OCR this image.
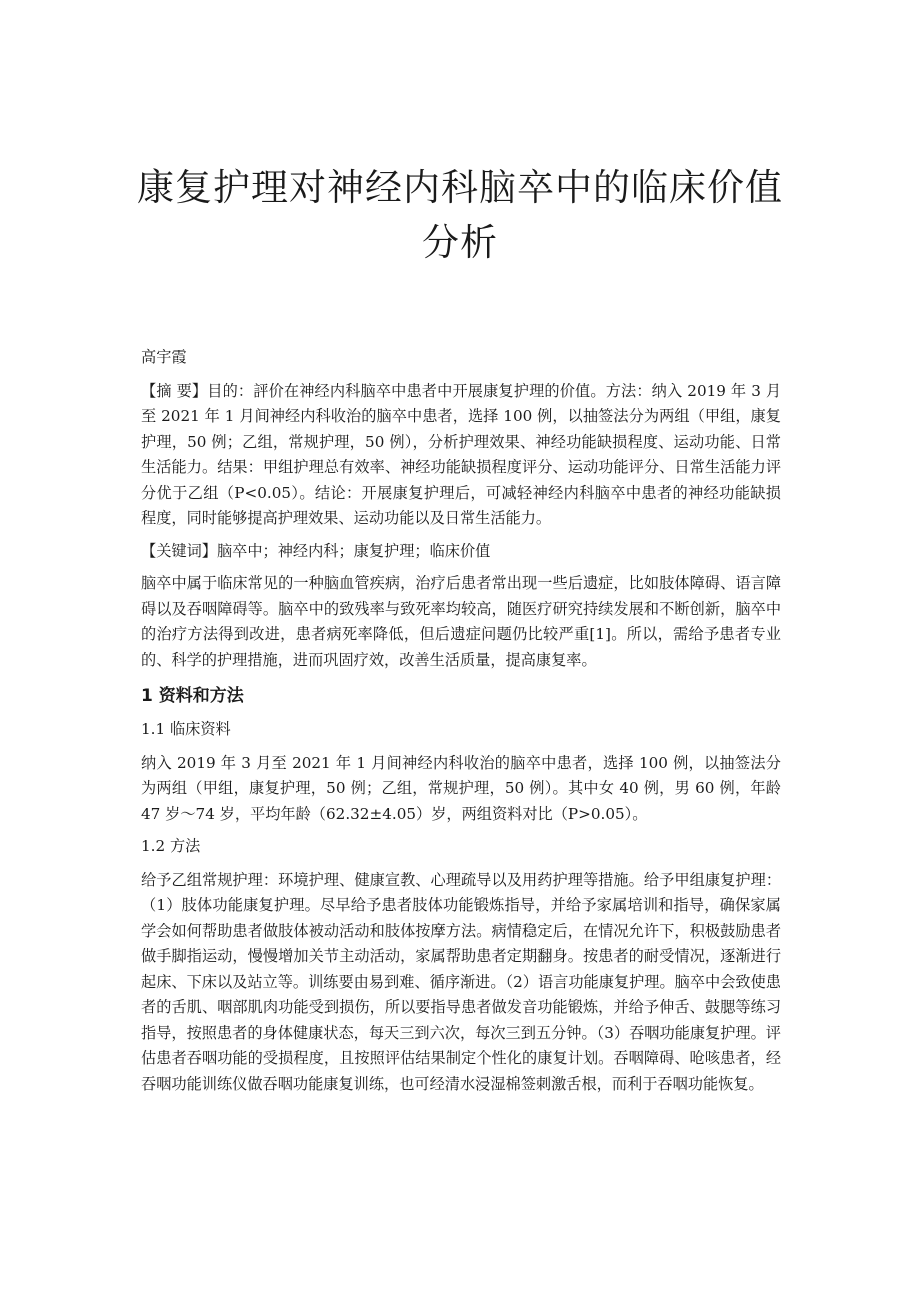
康复护理对神经内科脑卒中的临床价值分析

高宇霞

【摘 要】目的：評价在神经内科脑卒中患者中开展康复护理的价值。方法：纳入 2019 年 3 月至 2021 年 1 月间神经内科收治的脑卒中患者，选择 100 例，以抽签法分为两组（甲组，康复护理，50 例；乙组，常规护理，50 例），分析护理效果、神经功能缺损程度、运动功能、日常生活能力。结果：甲组护理总有效率、神经功能缺损程度评分、运动功能评分、日常生活能力评分优于乙组（P<0.05）。结论：开展康复护理后，可减轻神经内科脑卒中患者的神经功能缺损程度，同时能够提高护理效果、运动功能以及日常生活能力。

【关键词】脑卒中；神经内科；康复护理；临床价值

脑卒中属于临床常见的一种脑血管疾病，治疗后患者常出现一些后遗症，比如肢体障碍、语言障碍以及吞咽障碍等。脑卒中的致残率与致死率均较高，随医疗研究持续发展和不断创新，脑卒中的治疗方法得到改进，患者病死率降低，但后遗症问题仍比较严重[1]。所以，需给予患者专业的、科学的护理措施，进而巩固疗效，改善生活质量，提高康复率。

1 资料和方法

1.1 临床资料

纳入 2019 年 3 月至 2021 年 1 月间神经内科收治的脑卒中患者，选择 100 例，以抽签法分为两组（甲组，康复护理，50 例；乙组，常规护理，50 例）。其中女 40 例，男 60 例，年龄 47 岁～74 岁，平均年龄（62.32±4.05）岁，两组资料对比（P>0.05）。

1.2 方法

给予乙组常规护理：环境护理、健康宣教、心理疏导以及用药护理等措施。给予甲组康复护理：（1）肢体功能康复护理。尽早给予患者肢体功能锻炼指导，并给予家属培训和指导，确保家属学会如何帮助患者做肢体被动活动和肢体按摩方法。病情稳定后，在情况允许下，积极鼓励患者做手脚指运动，慢慢增加关节主动活动，家属帮助患者定期翻身。按患者的耐受情况，逐渐进行起床、下床以及站立等。训练要由易到难、循序渐进。（2）语言功能康复护理。脑卒中会致使患者的舌肌、咽部肌肉功能受到损伤，所以要指导患者做发音功能锻炼，并给予伸舌、鼓腮等练习指导，按照患者的身体健康状态，每天三到六次，每次三到五分钟。（3）吞咽功能康复护理。评估患者吞咽功能的受损程度，且按照评估结果制定个性化的康复计划。吞咽障碍、呛咳患者，经吞咽功能训练仪做吞咽功能康复训练，也可经清水浸湿棉签刺激舌根，而利于吞咽功能恢复。
